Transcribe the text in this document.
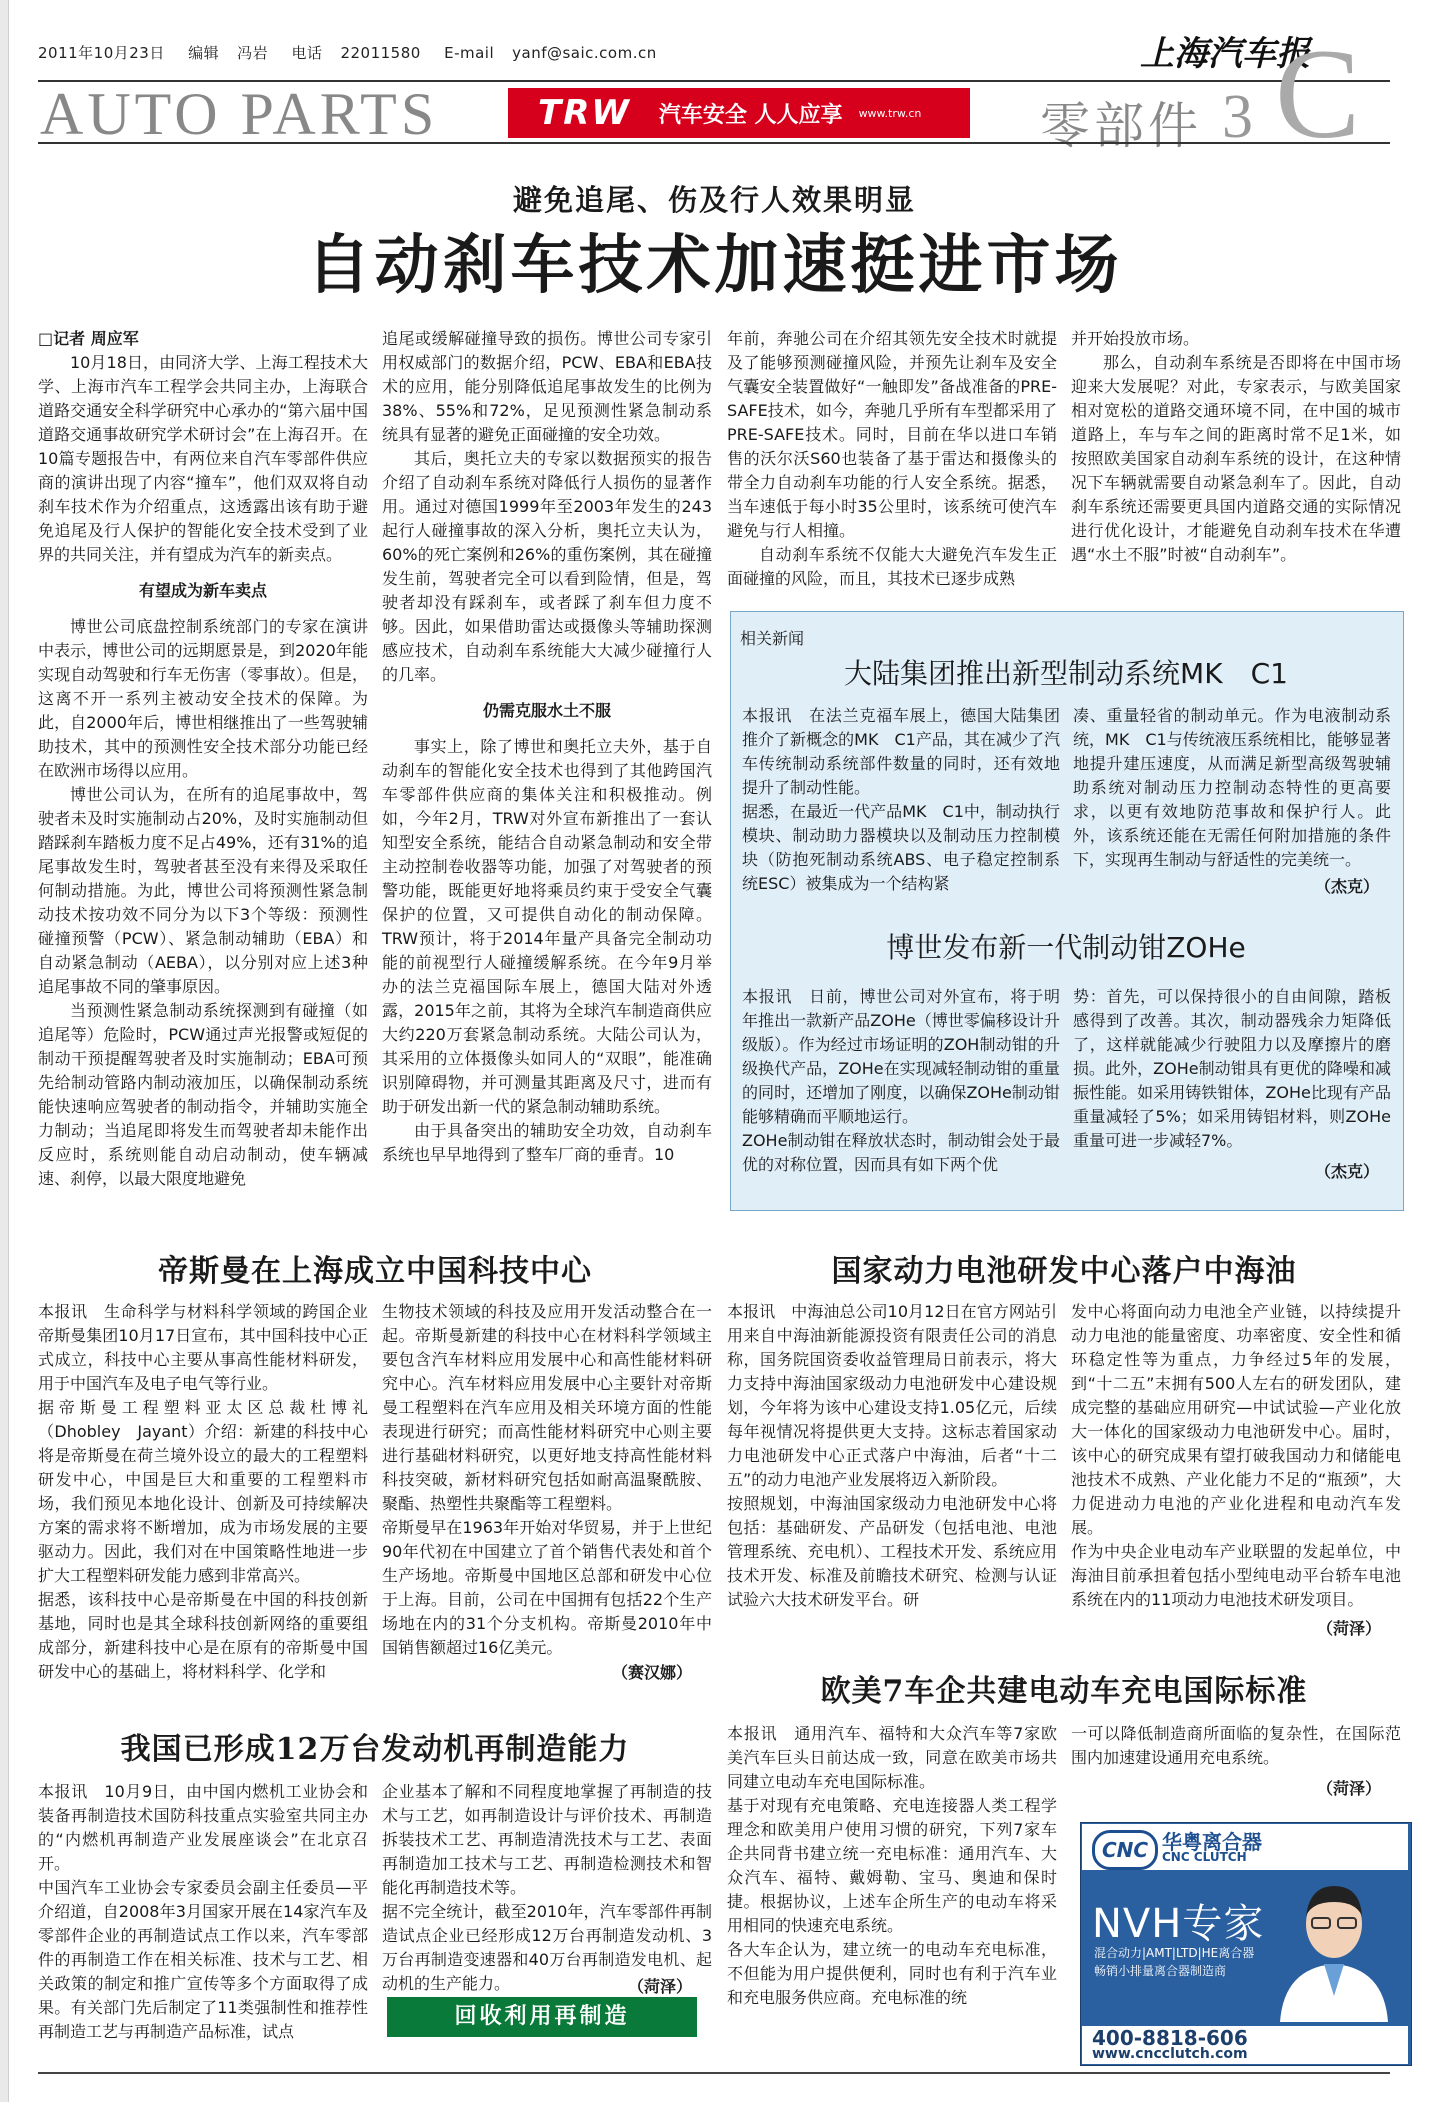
2011年10月23日 编辑 冯岩 电话 22011580 E-mail yanf@saic.com.cn	上海汽车报
AUTO PARTS	TRW 汽车安全 人人应享 www.trw.cn 零部件 3 C
避免追尾、伤及行人效果明显
自动刹车技术加速挺进市场

□记者 周应军

10月18日，由同济大学、上海工程技术大学、上海市汽车工程学会共同主办，上海联合道路交通安全科学研究中心承办的“第六届中国道路交通事故研究学术研讨会”在上海召开。在10篇专题报告中，有两位来自汽车零部件供应商的演讲出现了内容“撞车”，他们双双将自动刹车技术作为介绍重点，这透露出该有助于避免追尾及行人保护的智能化安全技术受到了业界的共同关注，并有望成为汽车的新卖点。

有望成为新车卖点

博世公司底盘控制系统部门的专家在演讲中表示，博世公司的远期愿景是，到2020年能实现自动驾驶和行车无伤害（零事故）。但是，这离不开一系列主被动安全技术的保障。为此，自2000年后，博世相继推出了一些驾驶辅助技术，其中的预测性安全技术部分功能已经在欧洲市场得以应用。

博世公司认为，在所有的追尾事故中，驾驶者未及时实施制动占20%，及时实施制动但踏踩刹车踏板力度不足占49%，还有31%的追尾事故发生时，驾驶者甚至没有来得及采取任何制动措施。为此，博世公司将预测性紧急制动技术按功效不同分为以下3个等级：预测性碰撞预警（PCW）、紧急制动辅助（EBA）和自动紧急制动（AEBA），以分别对应上述3种追尾事故不同的肇事原因。

当预测性紧急制动系统探测到有碰撞（如追尾等）危险时，PCW通过声光报警或短促的制动干预提醒驾驶者及时实施制动；EBA可预先给制动管路内制动液加压，以确保制动系统能快速响应驾驶者的制动指令，并辅助实施全力制动；当追尾即将发生而驾驶者却未能作出反应时，系统则能自动启动制动，使车辆减速、刹停，以最大限度地避免

追尾或缓解碰撞导致的损伤。博世公司专家引用权威部门的数据介绍，PCW、EBA和EBA技术的应用，能分别降低追尾事故发生的比例为38%、55%和72%，足见预测性紧急制动系统具有显著的避免正面碰撞的安全功效。

其后，奥托立夫的专家以数据预实的报告介绍了自动刹车系统对降低行人损伤的显著作用。通过对德国1999年至2003年发生的243起行人碰撞事故的深入分析，奥托立夫认为，60%的死亡案例和26%的重伤案例，其在碰撞发生前，驾驶者完全可以看到险情，但是，驾驶者却没有踩刹车，或者踩了刹车但力度不够。因此，如果借助雷达或摄像头等辅助探测感应技术，自动刹车系统能大大减少碰撞行人的几率。

仍需克服水土不服

事实上，除了博世和奥托立夫外，基于自动刹车的智能化安全技术也得到了其他跨国汽车零部件供应商的集体关注和积极推动。例如，今年2月，TRW对外宣布新推出了一套认知型安全系统，能结合自动紧急制动和安全带主动控制卷收器等功能，加强了对驾驶者的预警功能，既能更好地将乘员约束于受安全气囊保护的位置，又可提供自动化的制动保障。TRW预计，将于2014年量产具备完全制动功能的前视型行人碰撞缓解系统。在今年9月举办的法兰克福国际车展上，德国大陆对外透露，2015年之前，其将为全球汽车制造商供应大约220万套紧急制动系统。大陆公司认为，其采用的立体摄像头如同人的“双眼”，能准确识别障碍物，并可测量其距离及尺寸，进而有助于研发出新一代的紧急制动辅助系统。

由于具备突出的辅助安全功效，自动刹车系统也早早地得到了整车厂商的垂青。10

年前，奔驰公司在介绍其领先安全技术时就提及了能够预测碰撞风险，并预先让刹车及安全气囊安全装置做好“一触即发”备战准备的PRE-SAFE技术，如今，奔驰几乎所有车型都采用了PRE-SAFE技术。同时，目前在华以进口车销售的沃尔沃S60也装备了基于雷达和摄像头的带全力自动刹车功能的行人安全系统。据悉，当车速低于每小时35公里时，该系统可使汽车避免与行人相撞。

自动刹车系统不仅能大大避免汽车发生正面碰撞的风险，而且，其技术已逐步成熟

并开始投放市场。

那么，自动刹车系统是否即将在中国市场迎来大发展呢？对此，专家表示，与欧美国家相对宽松的道路交通环境不同，在中国的城市道路上，车与车之间的距离时常不足1米，如按照欧美国家自动刹车系统的设计，在这种情况下车辆就需要自动紧急刹车了。因此，自动刹车系统还需要更具国内道路交通的实际情况进行优化设计，才能避免自动刹车技术在华遭遇“水土不服”时被“自动刹车”。

相关新闻
大陆集团推出新型制动系统MK　C1
本报讯　在法兰克福车展上，德国大陆集团推介了新概念的MK　C1产品，其在减少了汽车传统制动系统部件数量的同时，还有效地提升了制动性能。
据悉，在最近一代产品MK　C1中，制动执行模块、制动助力器模块以及制动压力控制模块（防抱死制动系统ABS、电子稳定控制系统ESC）被集成为一个结构紧
凑、重量轻省的制动单元。作为电液制动系统，MK　C1与传统液压系统相比，能够显著地提升建压速度，从而满足新型高级驾驶辅助系统对制动压力控制动态特性的更高要求，以更有效地防范事故和保护行人。此外，该系统还能在无需任何附加措施的条件下，实现再生制动与舒适性的完美统一。
（杰克）
博世发布新一代制动钳ZOHe
本报讯　日前，博世公司对外宣布，将于明年推出一款新产品ZOHe（博世零偏移设计升级版）。作为经过市场证明的ZOH制动钳的升级换代产品，ZOHe在实现减轻制动钳的重量的同时，还增加了刚度，以确保ZOHe制动钳能够精确而平顺地运行。
ZOHe制动钳在释放状态时，制动钳会处于最优的对称位置，因而具有如下两个优
势：首先，可以保持很小的自由间隙，踏板感得到了改善。其次，制动器残余力矩降低了，这样就能减少行驶阻力以及摩擦片的磨损。此外，ZOHe制动钳具有更优的降噪和减振性能。如采用铸铁钳体，ZOHe比现有产品重量减轻了5%；如采用铸铝材料，则ZOHe重量可进一步减轻7%。
（杰克）
帝斯曼在上海成立中国科技中心
本报讯　生命科学与材料科学领域的跨国企业帝斯曼集团10月17日宣布，其中国科技中心正式成立，科技中心主要从事高性能材料研发，用于中国汽车及电子电气等行业。
据帝斯曼工程塑料亚太区总裁杜博礼（Dhobley　Jayant）介绍：新建的科技中心将是帝斯曼在荷兰境外设立的最大的工程塑料研发中心，中国是巨大和重要的工程塑料市场，我们预见本地化设计、创新及可持续解决方案的需求将不断增加，成为市场发展的主要驱动力。因此，我们对在中国策略性地进一步扩大工程塑料研发能力感到非常高兴。
据悉，该科技中心是帝斯曼在中国的科技创新基地，同时也是其全球科技创新网络的重要组成部分，新建科技中心是在原有的帝斯曼中国研发中心的基础上，将材料科学、化学和
生物技术领域的科技及应用开发活动整合在一起。帝斯曼新建的科技中心在材料科学领域主要包含汽车材料应用发展中心和高性能材料研究中心。汽车材料应用发展中心主要针对帝斯曼工程塑料在汽车应用及相关环境方面的性能表现进行研究；而高性能材料研究中心则主要进行基础材料研究，以更好地支持高性能材料科技突破，新材料研究包括如耐高温聚酰胺、聚酯、热塑性共聚酯等工程塑料。
帝斯曼早在1963年开始对华贸易，并于上世纪90年代初在中国建立了首个销售代表处和首个生产场地。帝斯曼中国地区总部和研发中心位于上海。目前，公司在中国拥有包括22个生产场地在内的31个分支机构。帝斯曼2010年中国销售额超过16亿美元。
（赛汉娜）
国家动力电池研发中心落户中海油
本报讯　中海油总公司10月12日在官方网站引用来自中海油新能源投资有限责任公司的消息称，国务院国资委收益管理局日前表示，将大力支持中海油国家级动力电池研发中心建设规划，今年将为该中心建设支持1.05亿元，后续每年视情况将提供更大支持。这标志着国家动力电池研发中心正式落户中海油，后者“十二五”的动力电池产业发展将迈入新阶段。
按照规划，中海油国家级动力电池研发中心将包括：基础研发、产品研发（包括电池、电池管理系统、充电机）、工程技术开发、系统应用技术开发、标准及前瞻技术研究、检测与认证试验六大技术研发平台。研
发中心将面向动力电池全产业链，以持续提升动力电池的能量密度、功率密度、安全性和循环稳定性等为重点，力争经过5年的发展，到“十二五”末拥有500人左右的研发团队，建成完整的基础应用研究—中试试验—产业化放大一体化的国家级动力电池研发中心。届时，该中心的研究成果有望打破我国动力和储能电池技术不成熟、产业化能力不足的“瓶颈”，大力促进动力电池的产业化进程和电动汽车发展。
作为中央企业电动车产业联盟的发起单位，中海油目前承担着包括小型纯电动平台轿车电池系统在内的11项动力电池技术研发项目。
（菏泽）
我国已形成12万台发动机再制造能力
本报讯　10月9日，由中国内燃机工业协会和装备再制造技术国防科技重点实验室共同主办的“内燃机再制造产业发展座谈会”在北京召开。
中国汽车工业协会专家委员会副主任委员—平介绍道，自2008年3月国家开展在14家汽车及零部件企业的再制造试点工作以来，汽车零部件的再制造工作在相关标准、技术与工艺、相关政策的制定和推广宣传等多个方面取得了成果。有关部门先后制定了11类强制性和推荐性再制造工艺与再制造产品标准，试点
企业基本了解和不同程度地掌握了再制造的技术与工艺，如再制造设计与评价技术、再制造拆装技术工艺、再制造清洗技术与工艺、表面再制造加工技术与工艺、再制造检测技术和智能化再制造技术等。
据不完全统计，截至2010年，汽车零部件再制造试点企业已经形成12万台再制造发动机、3万台再制造变速器和40万台再制造发电机、起动机的生产能力。	（菏泽）
回收利用再制造
欧美7车企共建电动车充电国际标准
本报讯　通用汽车、福特和大众汽车等7家欧美汽车巨头日前达成一致，同意在欧美市场共同建立电动车充电国际标准。
基于对现有充电策略、充电连接器人类工程学理念和欧美用户使用习惯的研究，下列7家车企共同背书建立统一充电标准：通用汽车、大众汽车、福特、戴姆勒、宝马、奥迪和保时捷。根据协议，上述车企所生产的电动车将采用相同的快速充电系统。
各大车企认为，建立统一的电动车充电标准，不但能为用户提供便利，同时也有利于汽车业和充电服务供应商。充电标准的统
一可以降低制造商所面临的复杂性，在国际范围内加速建设通用充电系统。
（菏泽）
CNC 华粤离合器
CNC CLUTCH
NVH专家
混合动力|AMT|LTD|HE离合器
畅销小排量离合器制造商
400-8818-606
www.cncclutch.com
